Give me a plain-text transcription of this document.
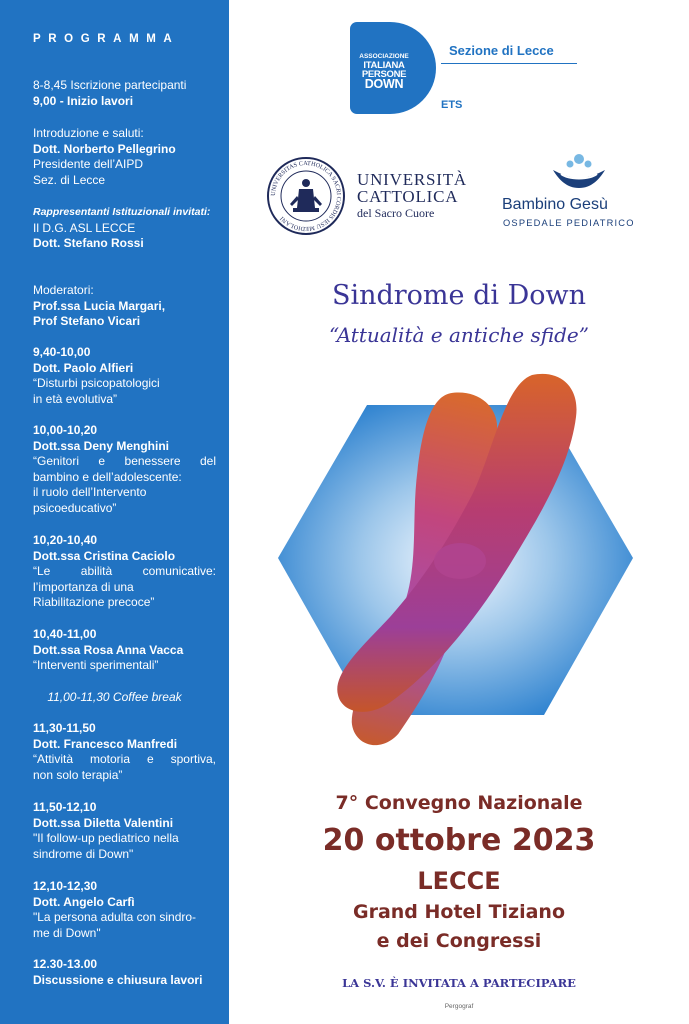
PROGRAMMA
8-8,45 Iscrizione partecipanti
9,00 - Inizio lavori
Introduzione e saluti:
Dott. Norberto Pellegrino
Presidente dell’AIPD
Sez. di Lecce
Rappresentanti Istituzionali invitati:
Il D.G. ASL LECCE
Dott. Stefano Rossi
Moderatori:
Prof.ssa Lucia Margari,
Prof Stefano Vicari
9,40-10,00
Dott. Paolo Alfieri
“Disturbi psicopatologici
in età evolutiva”
10,00-10,20
Dott.ssa Deny Menghini
“Genitori e benessere del
bambino e dell’adolescente:
il ruolo dell’Intervento
psicoeducativo”
10,20-10,40
Dott.ssa Cristina Caciolo
“Le abilità comunicative:
l’importanza di una
Riabilitazione precoce”
10,40-11,00
Dott.ssa Rosa Anna Vacca
“Interventi sperimentali”
11,00-11,30 Coffee break
11,30-11,50
Dott. Francesco Manfredi
“Attività motoria e sportiva,
non solo terapia”
11,50-12,10
Dott.ssa Diletta Valentini
"Il follow-up pediatrico nella
sindrome di Down"
12,10-12,30
Dott. Angelo Carfì
"La persona adulta con sindro-
me di Down"
12.30-13.00
Discussione e chiusura lavori
ASSOCIAZIONE
ITALIANA
PERSONE
DOWN
ETS
Sezione di Lecce
UNIVERSITAS CATHOLICA SACRI CORDIS IESU MEDIOLANI
UNIVERSITÀ
CATTOLICA
del Sacro Cuore	Bambino Gesù
OSPEDALE PEDIATRICO
Sindrome di Down
“Attualità e antiche sfide”
7° Convegno Nazionale
20 ottobre 2023
LECCE
Grand Hotel Tiziano
e dei Congressi
LA S.V. È INVITATA A PARTECIPARE
Pergograf
